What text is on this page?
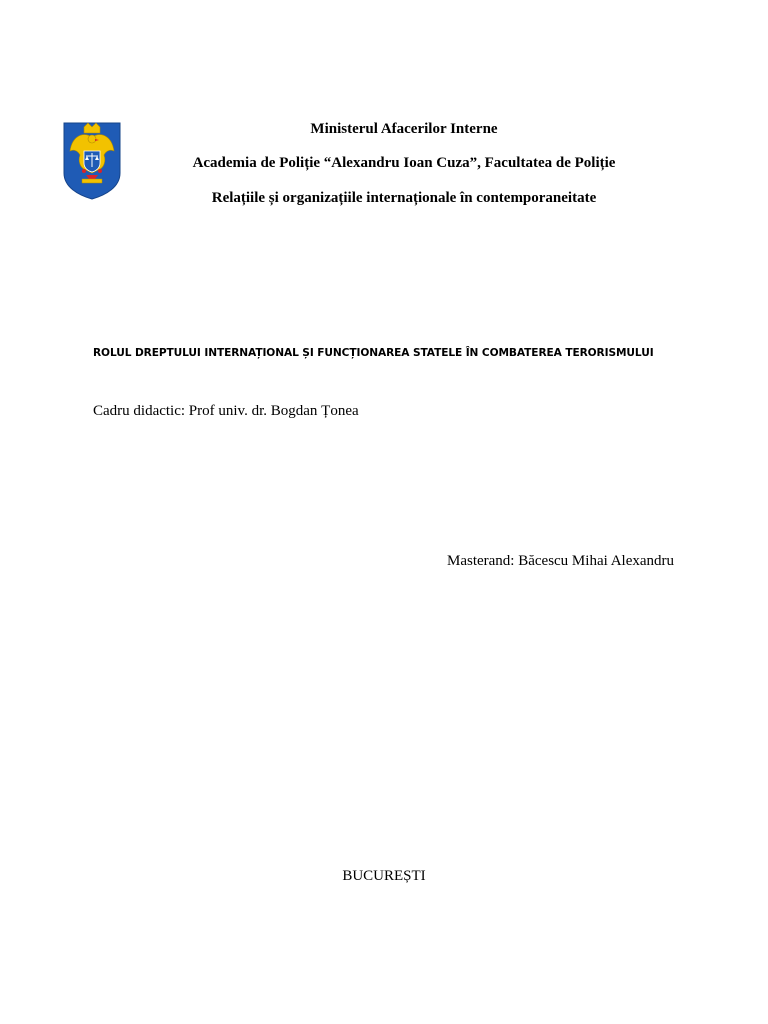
Ministerul Afacerilor Interne
Academia de Poliție “Alexandru Ioan Cuza”, Facultatea de Poliție
Relațiile și organizațiile internaționale în contemporaneitate
ROLUL DREPTULUI INTERNAȚIONAL ȘI FUNCȚIONAREA STATELE ÎN COMBATEREA TERORISMULUI
Cadru didactic: Prof univ. dr. Bogdan Țonea
Masterand: Băcescu Mihai Alexandru
BUCUREȘTI
